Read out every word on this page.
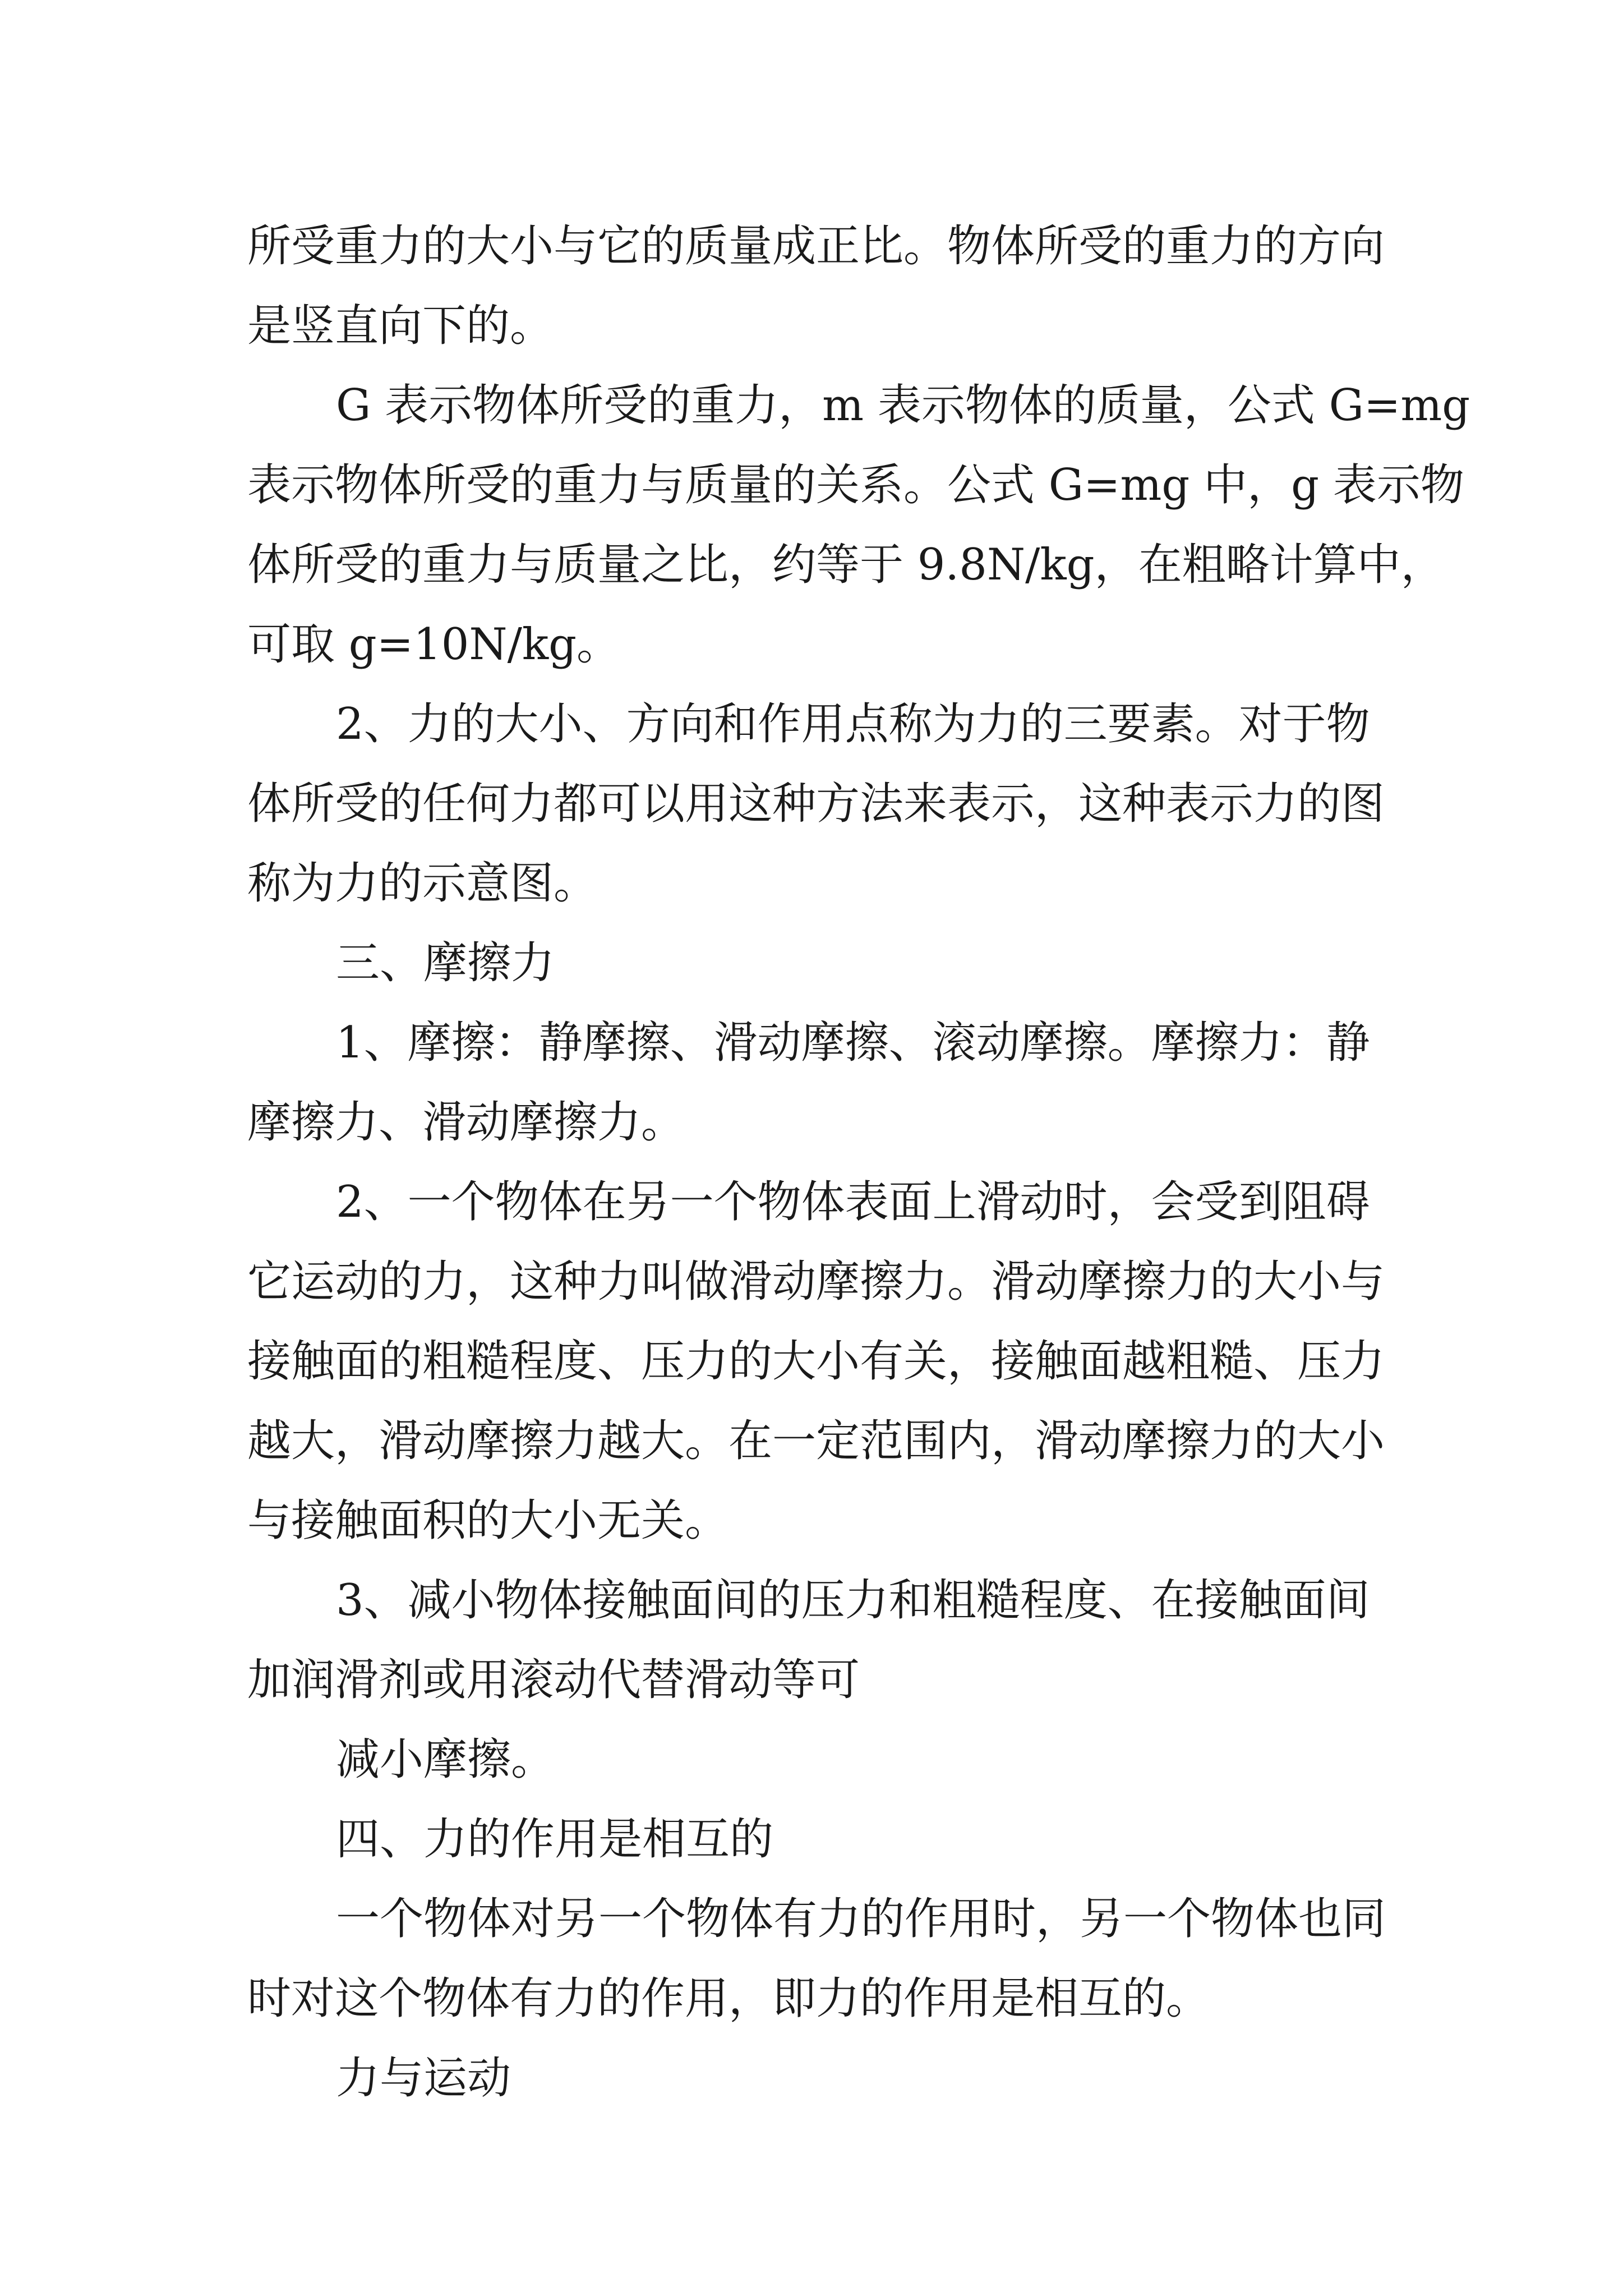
所受重力的大小与它的质量成正比。物体所受的重力的方向
是竖直向下的。
G 表示物体所受的重力，m 表示物体的质量，公式 G=mg
表示物体所受的重力与质量的关系。公式 G=mg 中，g 表示物
体所受的重力与质量之比，约等于 9.8N/kg，在粗略计算中，
可取 g=10N/kg。
2、力的大小、方向和作用点称为力的三要素。对于物
体所受的任何力都可以用这种方法来表示，这种表示力的图
称为力的示意图。
三、摩擦力
1、摩擦：静摩擦、滑动摩擦、滚动摩擦。摩擦力：静
摩擦力、滑动摩擦力。
2、一个物体在另一个物体表面上滑动时，会受到阻碍
它运动的力，这种力叫做滑动摩擦力。滑动摩擦力的大小与
接触面的粗糙程度、压力的大小有关，接触面越粗糙、压力
越大，滑动摩擦力越大。在一定范围内，滑动摩擦力的大小
与接触面积的大小无关。
3、减小物体接触面间的压力和粗糙程度、在接触面间
加润滑剂或用滚动代替滑动等可
减小摩擦。
四、力的作用是相互的
一个物体对另一个物体有力的作用时，另一个物体也同
时对这个物体有力的作用，即力的作用是相互的。
力与运动
